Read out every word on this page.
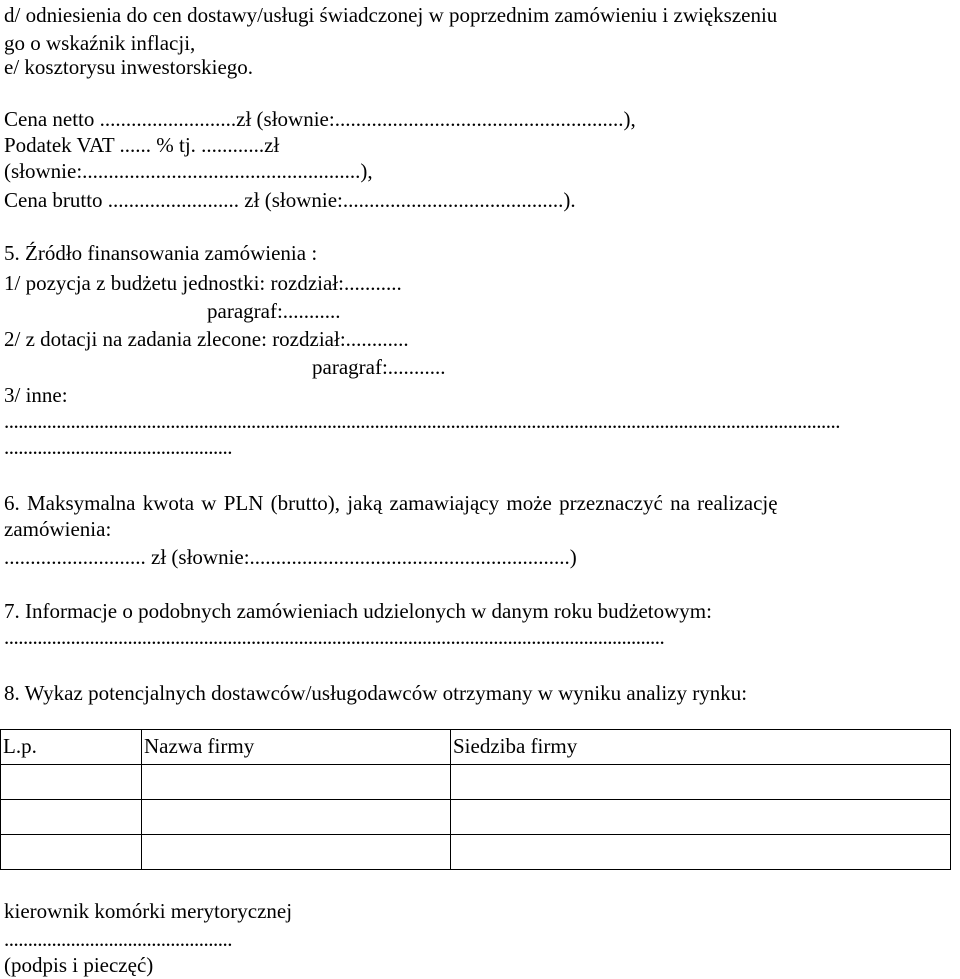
d/ odniesienia do cen dostawy/usługi świadczonej w poprzednim zamówieniu i zwiększeniu
go o wskaźnik inflacji,
e/ kosztorysu inwestorskiego.
Cena netto ..........................zł (słownie:.......................................................),
Podatek VAT ...... % tj. ............zł
(słownie:.....................................................),
Cena brutto ......................... zł (słownie:..........................................).
5. Źródło finansowania zamówienia :
1/ pozycja z budżetu jednostki: rozdział:...........
paragraf:...........
2/ z dotacji na zadania zlecone: rozdział:............
paragraf:...........
3/ inne:
................................................................................................................................................................................
................................................
6. Maksymalna kwota w PLN (brutto), jaką zamawiający może przeznaczyć na realizację
zamówienia:
........................... zł (słownie:.............................................................)
7. Informacje o podobnych zamówieniach udzielonych w danym roku budżetowym:
...........................................................................................................................................
8. Wykaz potencjalnych dostawców/usługodawców otrzymany w wyniku analizy rynku:
L.p.	Nazwa firmy	Siedziba firmy

kierownik komórki merytorycznej
................................................
(podpis i pieczęć)
